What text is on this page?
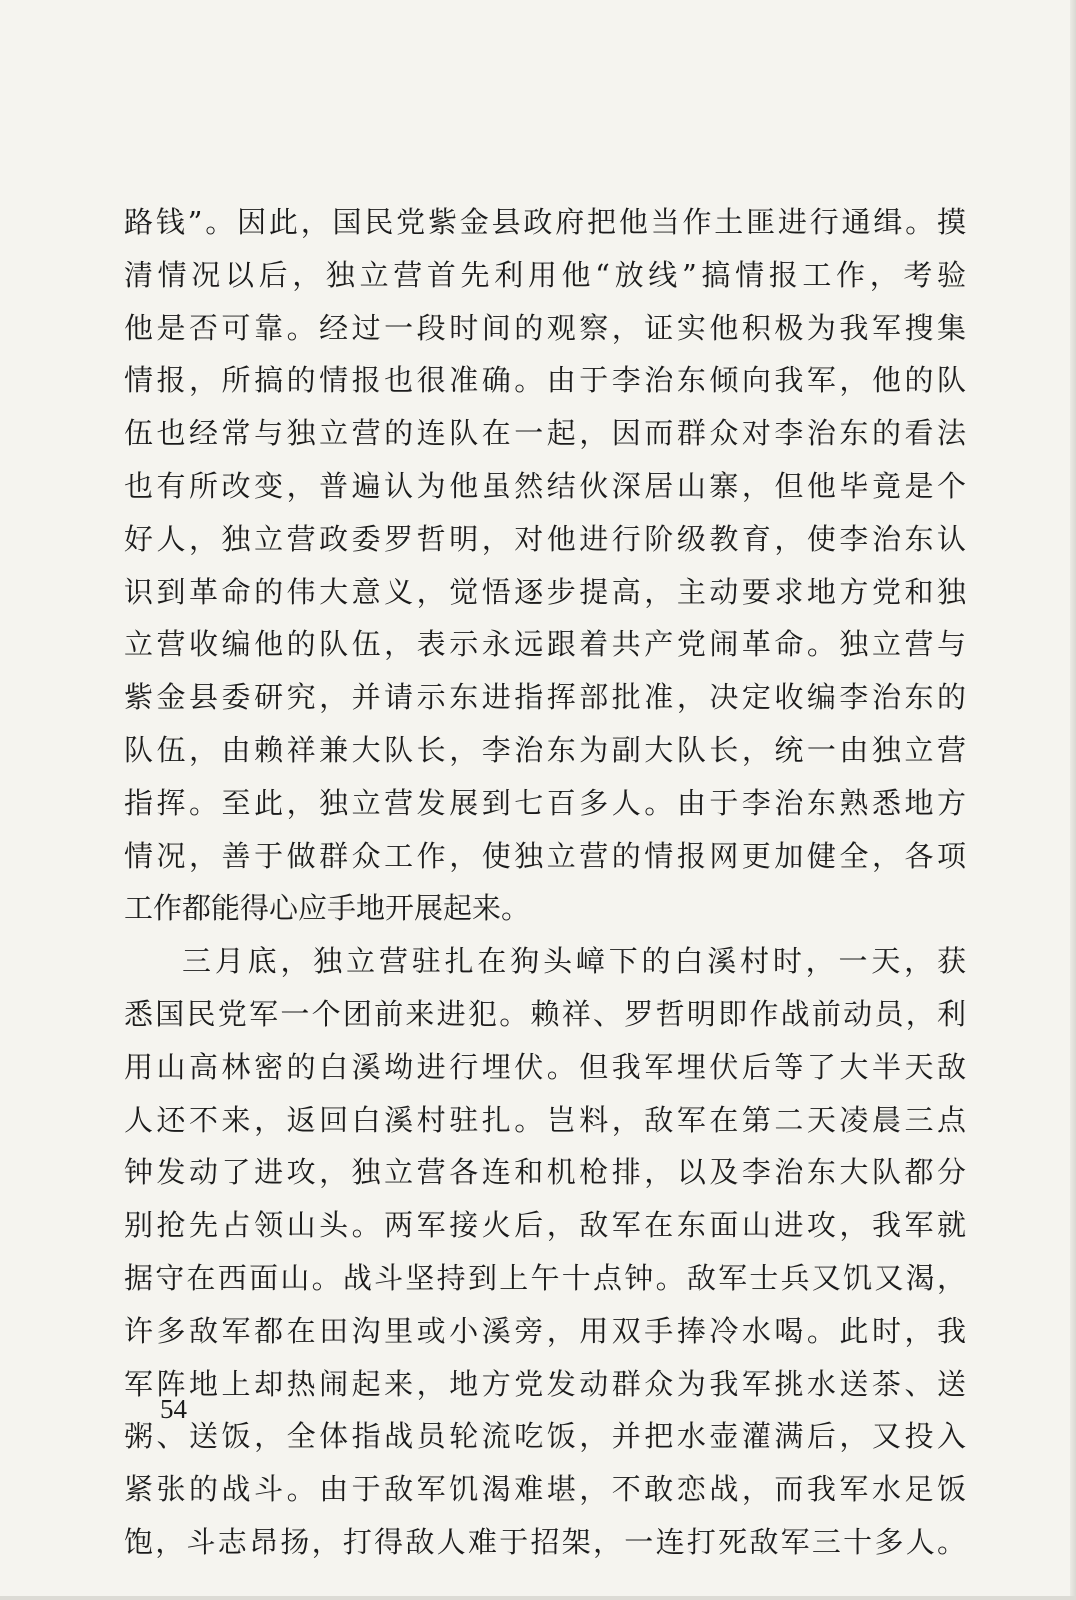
路钱”。因此，国民党紫金县政府把他当作土匪进行通缉。摸
清情况以后，独立营首先利用他“放线”搞情报工作，考验
他是否可靠。经过一段时间的观察，证实他积极为我军搜集
情报，所搞的情报也很准确。由于李治东倾向我军，他的队
伍也经常与独立营的连队在一起，因而群众对李治东的看法
也有所改变，普遍认为他虽然结伙深居山寨，但他毕竟是个
好人，独立营政委罗哲明，对他进行阶级教育，使李治东认
识到革命的伟大意义，觉悟逐步提高，主动要求地方党和独
立营收编他的队伍，表示永远跟着共产党闹革命。独立营与
紫金县委研究，并请示东进指挥部批准，决定收编李治东的
队伍，由赖祥兼大队长，李治东为副大队长，统一由独立营
指挥。至此，独立营发展到七百多人。由于李治东熟悉地方
情况，善于做群众工作，使独立营的情报网更加健全，各项
工作都能得心应手地开展起来。
三月底，独立营驻扎在狗头嶂下的白溪村时，一天，获
悉国民党军一个团前来进犯。赖祥、罗哲明即作战前动员，利
用山高林密的白溪坳进行埋伏。但我军埋伏后等了大半天敌
人还不来，返回白溪村驻扎。岂料，敌军在第二天凌晨三点
钟发动了进攻，独立营各连和机枪排，以及李治东大队都分
别抢先占领山头。两军接火后，敌军在东面山进攻，我军就
据守在西面山。战斗坚持到上午十点钟。敌军士兵又饥又渴，
许多敌军都在田沟里或小溪旁，用双手捧冷水喝。此时，我
军阵地上却热闹起来，地方党发动群众为我军挑水送茶、送
粥、送饭，全体指战员轮流吃饭，并把水壶灌满后，又投入
紧张的战斗。由于敌军饥渴难堪，不敢恋战，而我军水足饭
饱，斗志昂扬，打得敌人难于招架，一连打死敌军三十多人。
54
